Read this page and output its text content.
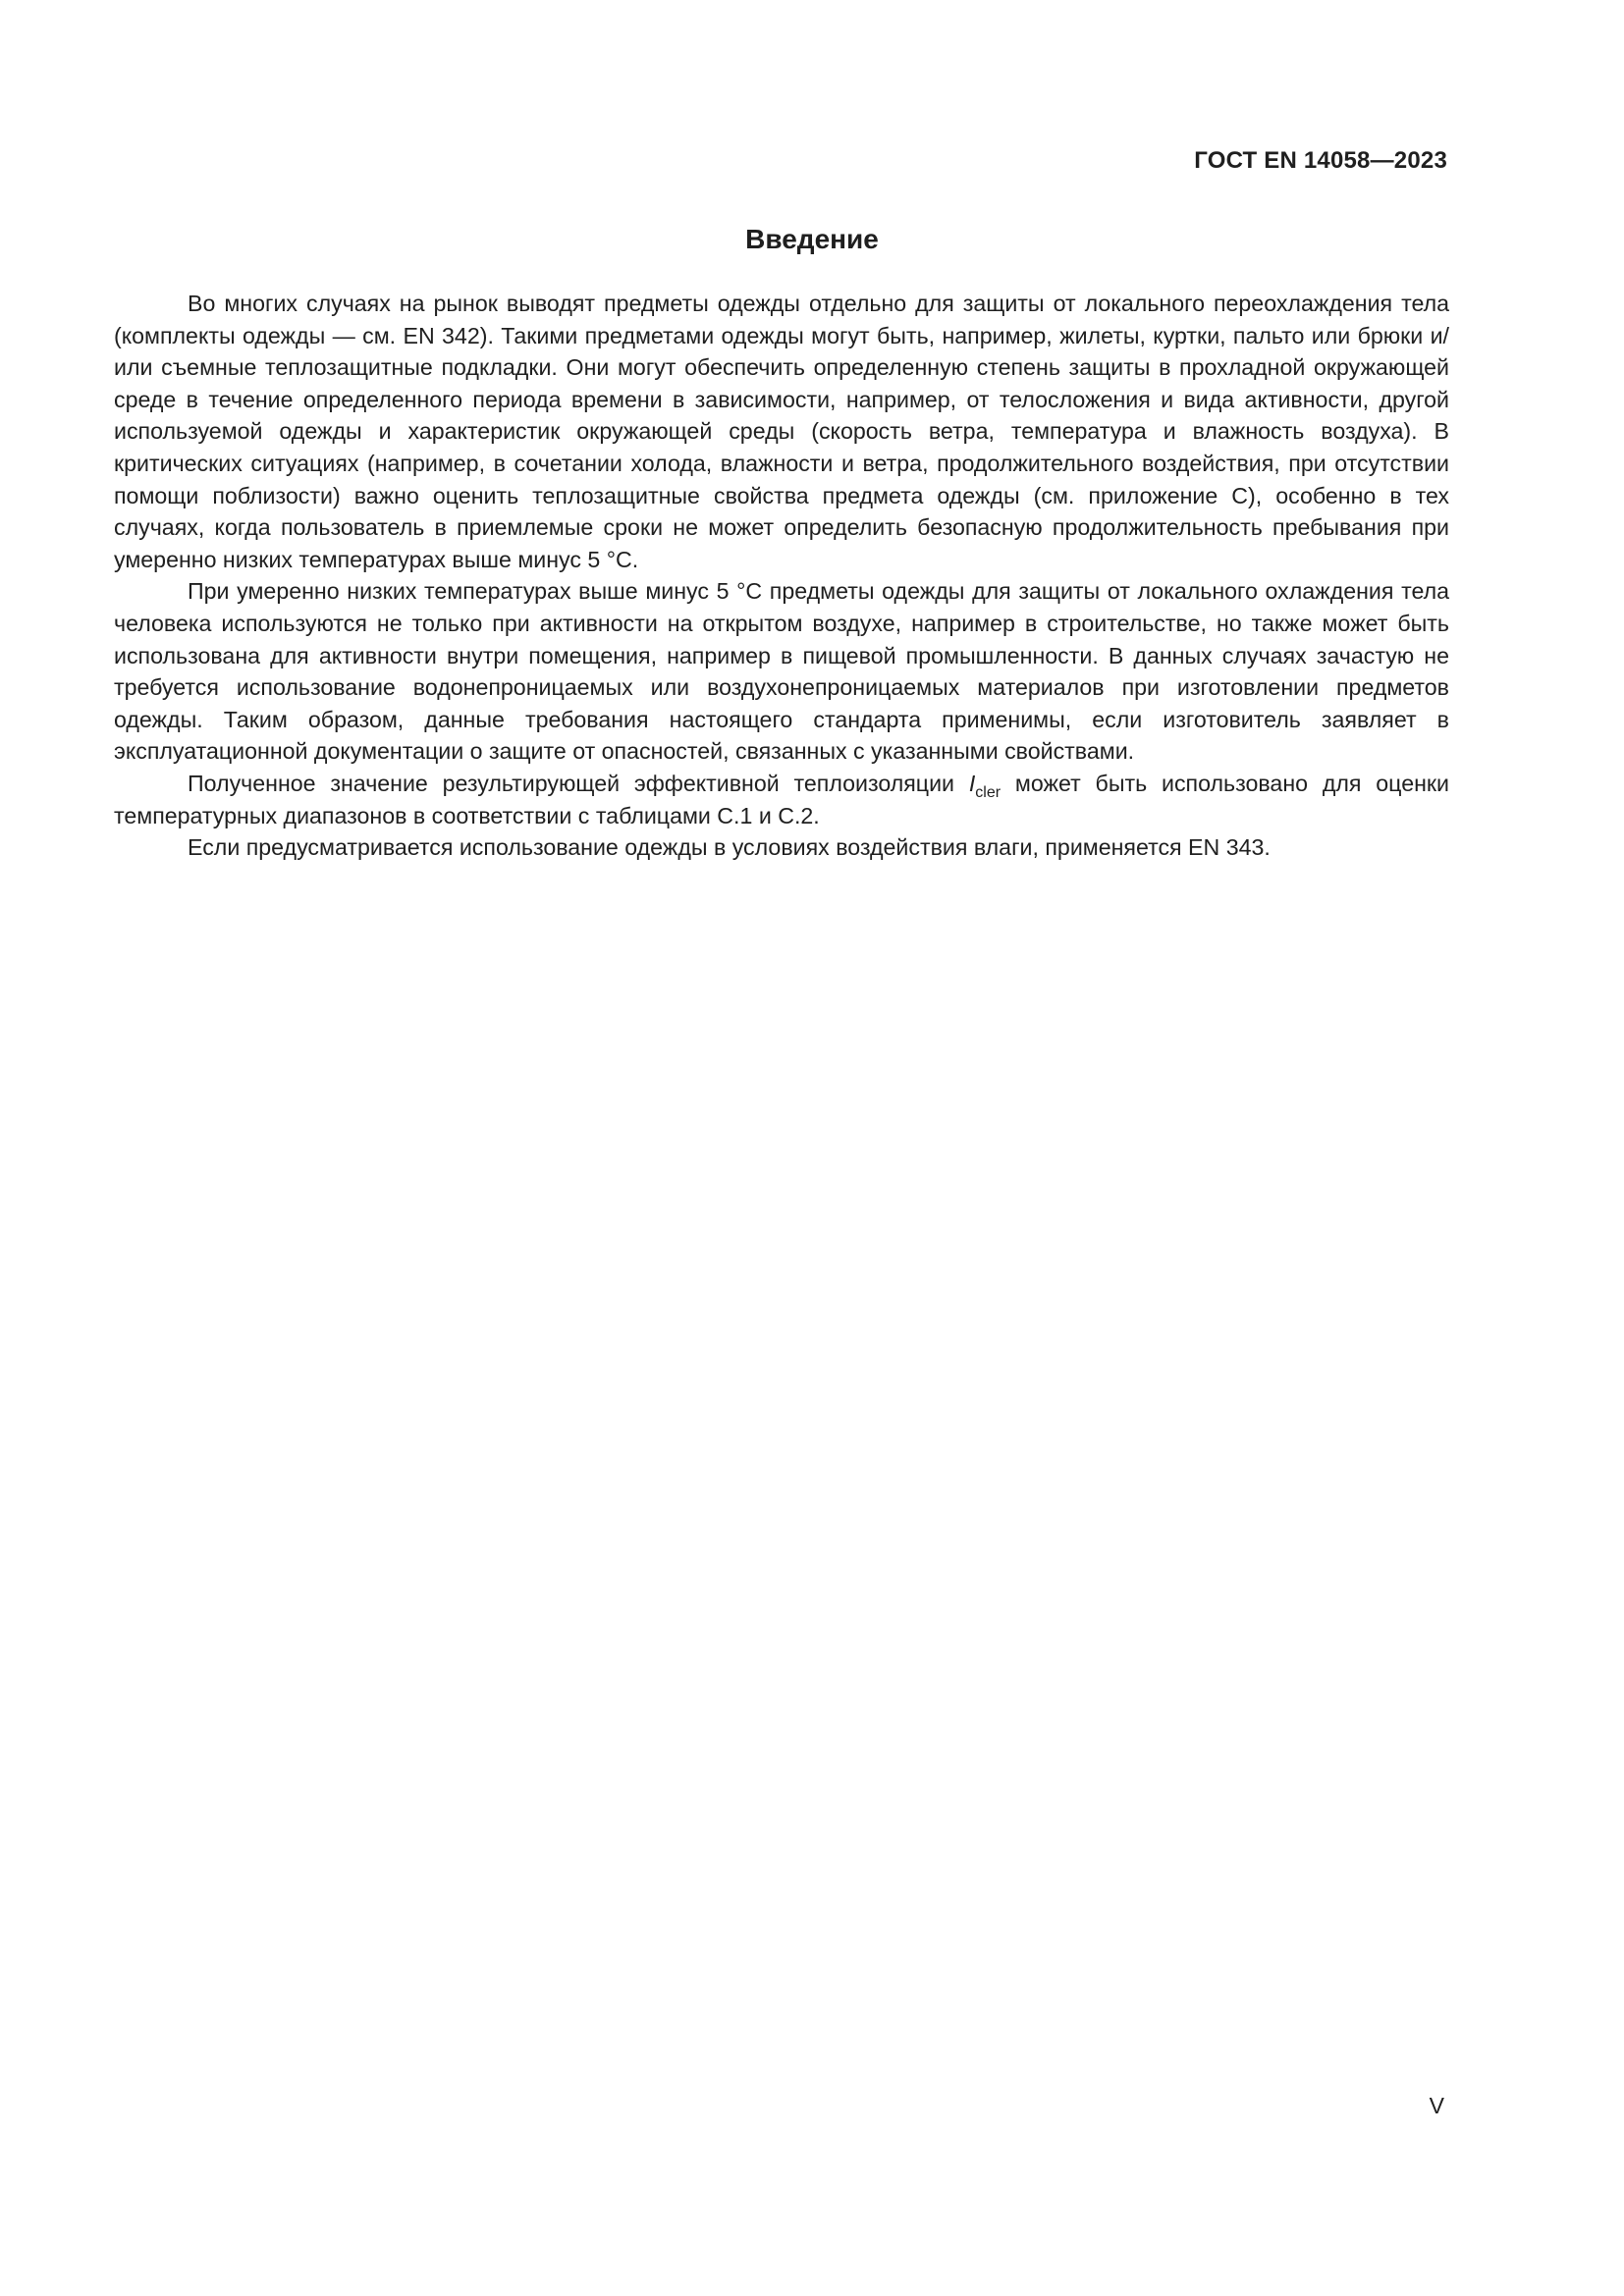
ГОСТ EN 14058—2023
Введение

Во многих случаях на рынок выводят предметы одежды отдельно для защиты от локального переохлаждения тела (комплекты одежды — см. EN 342). Такими предметами одежды могут быть, например, жилеты, куртки, пальто или брюки и/или съемные теплозащитные подкладки. Они могут обеспечить определенную степень защиты в прохладной окружающей среде в течение определенного периода времени в зависимости, например, от телосложения и вида активности, другой используемой одежды и характеристик окружающей среды (скорость ветра, температура и влажность воздуха). В критических ситуациях (например, в сочетании холода, влажности и ветра, продолжительного воздействия, при отсутствии помощи поблизости) важно оценить теплозащитные свойства предмета одежды (см. приложение С), особенно в тех случаях, когда пользователь в приемлемые сроки не может определить безопасную продолжительность пребывания при умеренно низких температурах выше минус 5 °С.

При умеренно низких температурах выше минус 5 °С предметы одежды для защиты от локального охлаждения тела человека используются не только при активности на открытом воздухе, например в строительстве, но также может быть использована для активности внутри помещения, например в пищевой промышленности. В данных случаях зачастую не требуется использование водонепроницаемых или воздухонепроницаемых материалов при изготовлении предметов одежды. Таким образом, данные требования настоящего стандарта применимы, если изготовитель заявляет в эксплуатационной документации о защите от опасностей, связанных с указанными свойствами.

Полученное значение результирующей эффективной теплоизоляции $I_{cler}$ может быть использовано для оценки температурных диапазонов в соответствии с таблицами С.1 и С.2.

Если предусматривается использование одежды в условиях воздействия влаги, применяется EN 343.

V
